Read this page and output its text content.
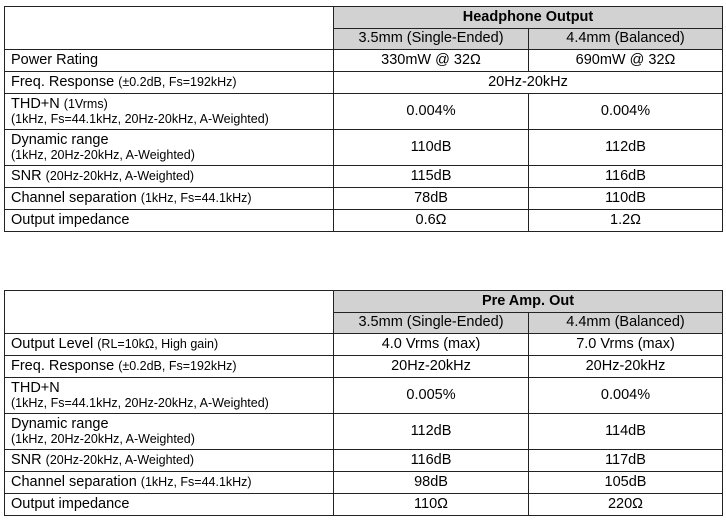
	Headphone Output	
	3.5mm (Single-Ended)	4.4mm (Balanced)
Power Rating	330mW @ 32Ω	690mW @ 32Ω
Freq. Response (±0.2dB, Fs=192kHz)	20Hz-20kHz	
THD+N (1Vrms)
(1kHz, Fs=44.1kHz, 20Hz-20kHz, A-Weighted)	0.004%	0.004%
Dynamic range
(1kHz, 20Hz-20kHz, A-Weighted)	110dB	112dB
SNR (20Hz-20kHz, A-Weighted)	115dB	116dB
Channel separation (1kHz, Fs=44.1kHz)	78dB	110dB
Output impedance	0.6Ω	1.2Ω
	Pre Amp. Out	
	3.5mm (Single-Ended)	4.4mm (Balanced)
Output Level (RL=10kΩ, High gain)	4.0 Vrms (max)	7.0 Vrms (max)
Freq. Response (±0.2dB, Fs=192kHz)	20Hz-20kHz	20Hz-20kHz
THD+N
(1kHz, Fs=44.1kHz, 20Hz-20kHz, A-Weighted)	0.005%	0.004%
Dynamic range
(1kHz, 20Hz-20kHz, A-Weighted)	112dB	114dB
SNR (20Hz-20kHz, A-Weighted)	116dB	117dB
Channel separation (1kHz, Fs=44.1kHz)	98dB	105dB
Output impedance	110Ω	220Ω
